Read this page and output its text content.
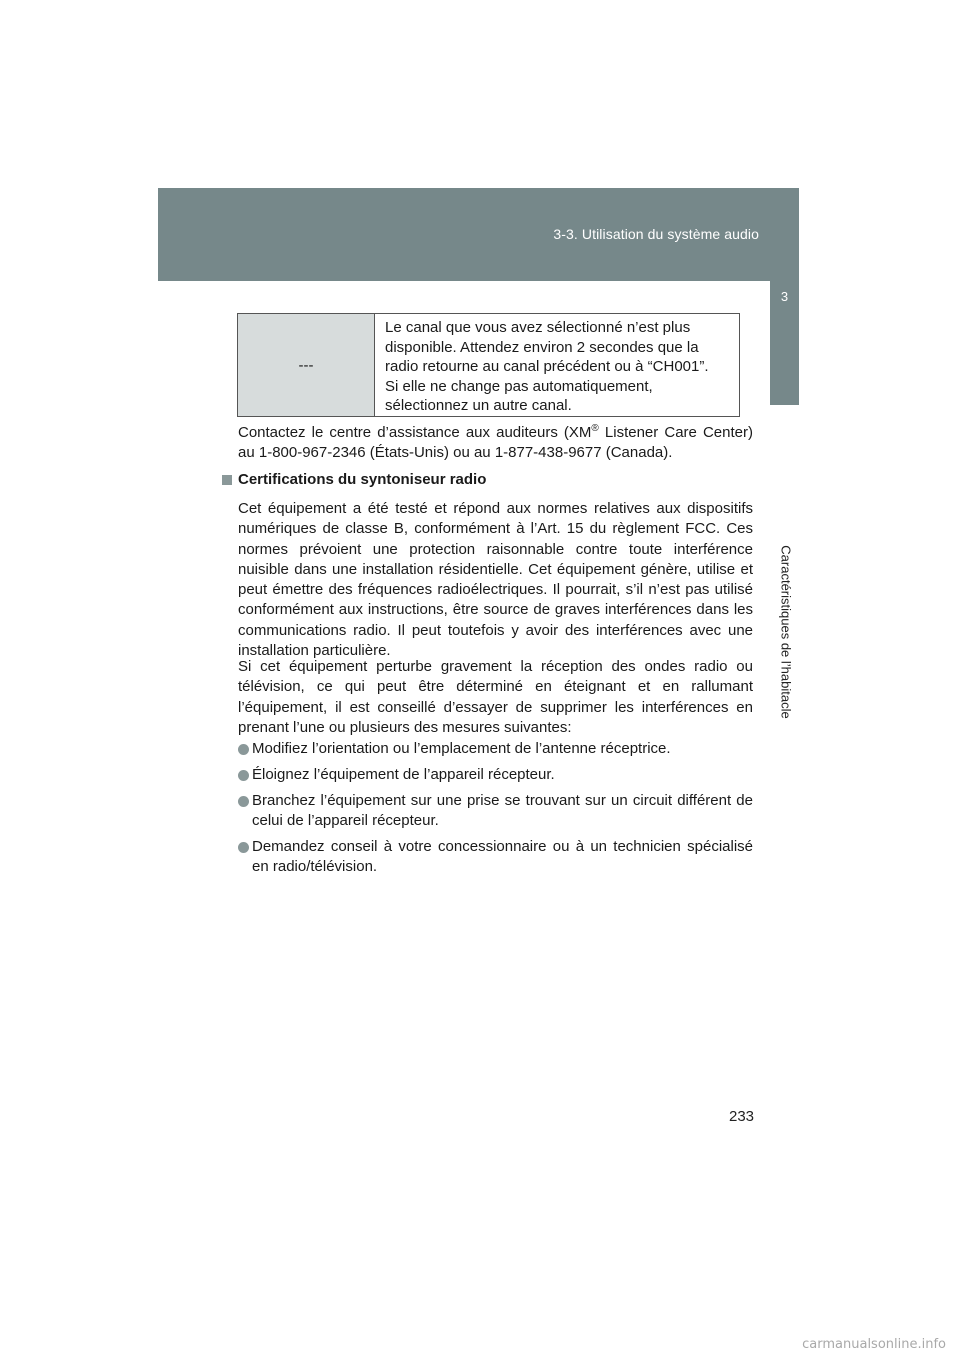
3-3. Utilisation du système audio
3
Caractéristiques de l’habitacle
---
Le canal que vous avez sélectionné n’est plus
disponible. Attendez environ 2 secondes que la
radio retourne au canal précédent ou à “CH001”.
Si elle ne change pas automatiquement,
sélectionnez un autre canal.
Contactez le centre d’assistance aux auditeurs (XM® Listener Care Center) au 1-800-967-2346 (États-Unis) ou au 1-877-438-9677 (Canada).
Certifications du syntoniseur radio

Cet équipement a été testé et répond aux normes relatives aux dispositifs numériques de classe B, conformément à l’Art. 15 du règlement FCC. Ces normes prévoient une protection raisonnable contre toute interférence nuisible dans une installation résidentielle. Cet équipement génère, utilise et peut émettre des fréquences radioélectriques. Il pourrait, s’il n’est pas utilisé conformément aux instructions, être source de graves interférences dans les communications radio. Il peut toutefois y avoir des interférences avec une installation particulière.

Si cet équipement perturbe gravement la réception des ondes radio ou télévision, ce qui peut être déterminé en éteignant et en rallumant l’équipement, il est conseillé d’essayer de supprimer les interférences en prenant l’une ou plusieurs des mesures suivantes:

Modifiez l’orientation ou l’emplacement de l’antenne réceptrice.
Éloignez l’équipement de l’appareil récepteur.
Branchez l’équipement sur une prise se trouvant sur un circuit différent de celui de l’appareil récepteur.
Demandez conseil à votre concessionnaire ou à un technicien spécialisé en radio/télévision.
233
carmanualsonline.info
